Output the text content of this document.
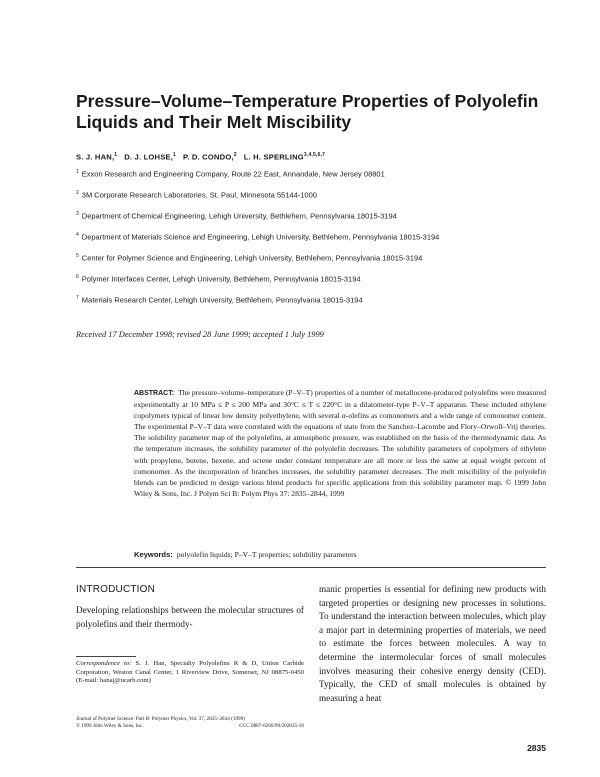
Pressure–Volume–Temperature Properties of Polyolefin Liquids and Their Melt Miscibility
S. J. HAN,$^1$ D. J. LOHSE,$^1$ P. D. CONDO,$^2$ L. H. SPERLING$^{3,4,5,6,7}$
$^1$ Exxon Research and Engineering Company, Route 22 East, Annandale, New Jersey 08801
$^2$ 3M Corporate Research Laboratories, St. Paul, Minnesota 55144-1000
$^3$ Department of Chemical Engineering, Lehigh University, Bethlehem, Pennsylvania 18015-3194
$^4$ Department of Materials Science and Engineering, Lehigh University, Bethlehem, Pennsylvania 18015-3194
$^5$ Center for Polymer Science and Engineering, Lehigh University, Bethlehem, Pennsylvania 18015-3194
$^6$ Polymer Interfaces Center, Lehigh University, Bethlehem, Pennsylvania 18015-3194
$^7$ Materials Research Center, Lehigh University, Bethlehem, Pennsylvania 18015-3194
Received 17 December 1998; revised 28 June 1999; accepted 1 July 1999
ABSTRACT: The pressure–volume–temperature (P–V–T) properties of a number of metallocene-produced polyolefins were measured experimentally at 10 MPa ≤ P ≤ 200 MPa and 30°C ≤ T ≤ 220°C in a dilatometer-type P–V–T apparatus. These included ethylene copolymers typical of linear low density polyethylene, with several α-olefins as comonomers and a wide range of comonomer content. The experimental P–V–T data were correlated with the equations of state from the Sanchez–Lacombe and Flory–Orwoll–Vrij theories. The solubility parameter map of the polyolefins, at atmospheric pressure, was established on the basis of the thermodynamic data. As the temperature increases, the solubility parameter of the polyolefin decreases. The solubility parameters of copolymers of ethylene with propylene, butene, hexene, and octene under constant temperature are all more or less the same at equal weight percent of comonomer. As the incorporation of branches increases, the solubility parameter decreases. The melt miscibility of the polyolefin blends can be predicted to design various blend products for specific applications from this solubility parameter map. © 1999 John Wiley & Sons, Inc. J Polym Sci B: Polym Phys 37: 2835–2844, 1999
Keywords: polyolefin liquids; P–V–T properties; solubility parameters
INTRODUCTION

Developing relationships between the molecular structures of polyolefins and their thermody-

manic properties is essential for defining new products with targeted properties or designing new processes in solutions. To understand the interaction between molecules, which play a major part in determining properties of materials, we need to estimate the forces between molecules. A way to determine the intermolecular forces of small molecules involves measuring their cohesive energy density (CED). Typically, the CED of small molecules is obtained by measuring a heat

Correspondence to: S. J. Han, Specialty Polyolefins R & D, Union Carbide Corporation, Weston Canal Center, 1 Riverview Drive, Somerset, NJ 08875-0450 (E-mail: hanaj@ucarb.com)
Journal of Polymer Science: Part B: Polymer Physics, Vol. 37, 2835–2844 (1999)
© 1999 John Wiley & Sons, Inc.	CCC 0887-6266/99/202835-10
2835
